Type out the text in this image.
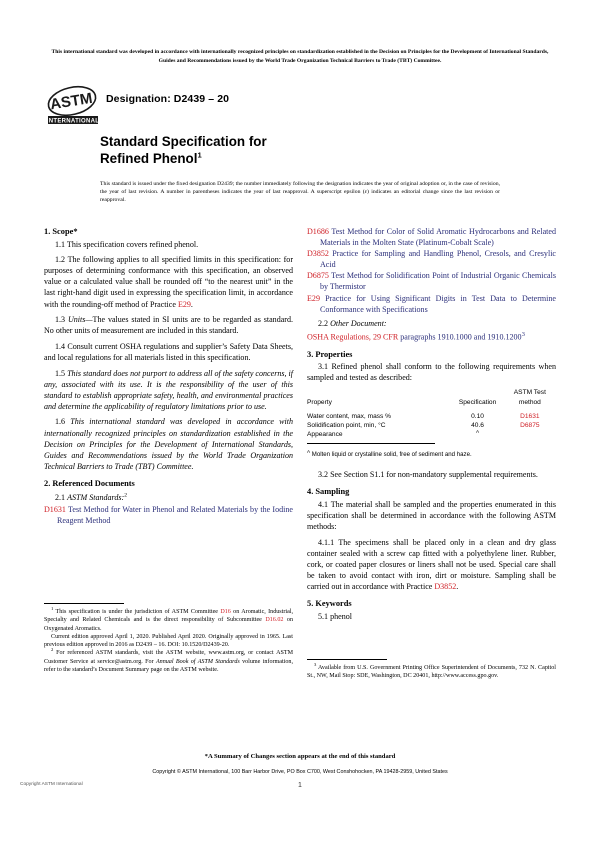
This international standard was developed in accordance with internationally recognized principles on standardization established in the Decision on Principles for the Development of International Standards, Guides and Recommendations issued by the World Trade Organization Technical Barriers to Trade (TBT) Committee.
ASTM
INTERNATIONAL
Designation: D2439 – 20
Standard Specification for
Refined Phenol$^1$
This standard is issued under the fixed designation D2439; the number immediately following the designation indicates the year of original adoption or, in the case of revision, the year of last revision. A number in parentheses indicates the year of last reapproval. A superscript epsilon (ε) indicates an editorial change since the last revision or reapproval.
1. Scope*

1.1 This specification covers refined phenol.

1.2 The following applies to all specified limits in this specification: for purposes of determining conformance with this specification, an observed value or a calculated value shall be rounded off “to the nearest unit” in the last right-hand digit used in expressing the specification limit, in accordance with the rounding-off method of Practice E29.

1.3 Units—The values stated in SI units are to be regarded as standard. No other units of measurement are included in this standard.

1.4 Consult current OSHA regulations and supplier’s Safety Data Sheets, and local regulations for all materials listed in this specification.

1.5 This standard does not purport to address all of the safety concerns, if any, associated with its use. It is the responsibility of the user of this standard to establish appropriate safety, health, and environmental practices and determine the applicability of regulatory limitations prior to use.

1.6 This international standard was developed in accordance with internationally recognized principles on standardization established in the Decision on Principles for the Development of International Standards, Guides and Recommendations issued by the World Trade Organization Technical Barriers to Trade (TBT) Committee.

2. Referenced Documents

2.1 ASTM Standards:$^2$

D1631 Test Method for Water in Phenol and Related Materials by the Iodine Reagent Method

D1686 Test Method for Color of Solid Aromatic Hydrocarbons and Related Materials in the Molten State (Platinum-Cobalt Scale)

D3852 Practice for Sampling and Handling Phenol, Cresols, and Cresylic Acid

D6875 Test Method for Solidification Point of Industrial Organic Chemicals by Thermistor

E29 Practice for Using Significant Digits in Test Data to Determine Conformance with Specifications

2.2 Other Document:

OSHA Regulations, 29 CFR paragraphs 1910.1000 and 1910.1200$^3$

3. Properties

3.1 Refined phenol shall conform to the following requirements when sampled and tested as described:

Property	Specification	ASTM Test method

Water content, max, mass %	0.10	D1631
Solidification point, min, °C	40.6	D6875
Appearance	$^A$	

$^A$ Molten liquid or crystalline solid, free of sediment and haze.

3.2 See Section S1.1 for non-mandatory supplemental requirements.

4. Sampling

4.1 The material shall be sampled and the properties enumerated in this specification shall be determined in accordance with the following ASTM methods:

4.1.1 The specimens shall be placed only in a clean and dry glass container sealed with a screw cap fitted with a polyethylene liner. Rubber, cork, or coated paper closures or liners shall not be used. Special care shall be taken to avoid contact with iron, dirt or moisture. Sampling shall be carried out in accordance with Practice D3852.

5. Keywords

5.1 phenol

$^1$ This specification is under the jurisdiction of ASTM Committee D16 on Aromatic, Industrial, Specialty and Related Chemicals and is the direct responsibility of Subcommittee D16.02 on Oxygenated Aromatics.

Current edition approved April 1, 2020. Published April 2020. Originally approved in 1965. Last previous edition approved in 2016 as D2439 – 16. DOI: 10.1520/D2439-20.

$^2$ For referenced ASTM standards, visit the ASTM website, www.astm.org, or contact ASTM Customer Service at service@astm.org. For Annual Book of ASTM Standards volume information, refer to the standard’s Document Summary page on the ASTM website.

$^3$ Available from U.S. Government Printing Office Superintendent of Documents, 732 N. Capitol St., NW, Mail Stop: SDE, Washington, DC 20401, http://www.access.gpo.gov.

*A Summary of Changes section appears at the end of this standard
Copyright © ASTM International, 100 Barr Harbor Drive, PO Box C700, West Conshohocken, PA 19428-2959, United States
Copyright ASTM International	1
